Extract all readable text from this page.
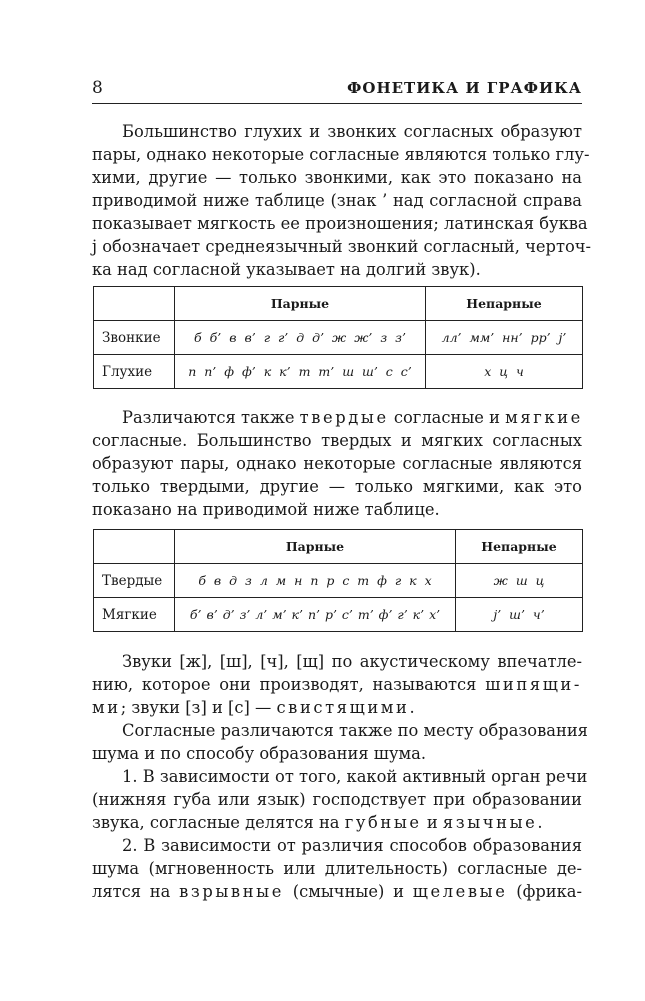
8	ФОНЕТИКА И ГРАФИКА
Большинство глухих и звонких согласных образуют
пары, однако некоторые согласные являются только глу-
хими, другие — только звонкими, как это показано на
приводимой ниже таблице (знак ’ над согласной справа
показывает мягкость ее произношения; латинская буква
j обозначает среднеязычный звонкий согласный, черточ-
ка над согласной указывает на долгий звук).
	Парные	Непарные
Звонкие	б б’ в в’ г г’ д д’ ж ж’ з з’	лл’ мм’ нн’ рр’ j’
Глухие	п п’ ф ф’ к к’ т т’ ш ш’ с с’	х ц ч
Различаются также твердые согласные и мягкие
согласные. Большинство твердых и мягких согласных
образуют пары, однако некоторые согласные являются
только твердыми, другие — только мягкими, как это
показано на приводимой ниже таблице.
	Парные	Непарные
Твердые	б в д з л м н п р с т ф г к х	ж ш ц
Мягкие	б’ в’ д’ з’ л’ м’ к’ п’ р’ с’ т’ ф’ г’ к’ х’	j’ ш’ ч’
Звуки [ж], [ш], [ч], [щ] по акустическому впечатле-
нию, которое они производят, называются шипящи-
ми; звуки [з] и [с] — свистящими.
Согласные различаются также по месту образования
шума и по способу образования шума.
1. В зависимости от того, какой активный орган речи
(нижняя губа или язык) господствует при образовании
звука, согласные делятся на губные и язычные.
2. В зависимости от различия способов образования
шума (мгновенность или длительность) согласные де-
лятся на взрывные (смычные) и щелевые (фрика-
